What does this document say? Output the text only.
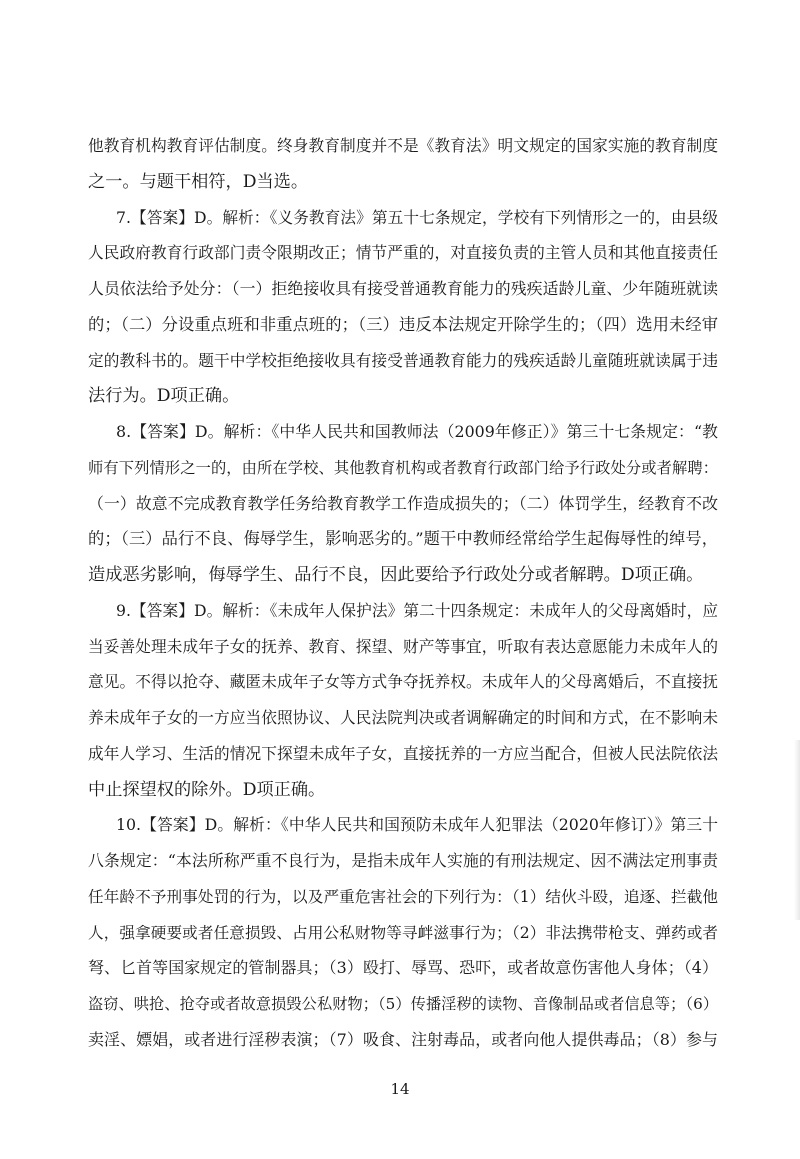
他教育机构教育评估制度。终身教育制度并不是《教育法》明文规定的国家实施的教育制度
之一。与题干相符，D当选。
7.【答案】D。解析：《义务教育法》第五十七条规定，学校有下列情形之一的，由县级
人民政府教育行政部门责令限期改正；情节严重的，对直接负责的主管人员和其他直接责任
人员依法给予处分：（一）拒绝接收具有接受普通教育能力的残疾适龄儿童、少年随班就读
的；（二）分设重点班和非重点班的；（三）违反本法规定开除学生的；（四）选用未经审
定的教科书的。题干中学校拒绝接收具有接受普通教育能力的残疾适龄儿童随班就读属于违
法行为。D项正确。
8.【答案】D。解析：《中华人民共和国教师法（2009年修正）》第三十七条规定：“教
师有下列情形之一的，由所在学校、其他教育机构或者教育行政部门给予行政处分或者解聘：
（一）故意不完成教育教学任务给教育教学工作造成损失的；（二）体罚学生，经教育不改
的；（三）品行不良、侮辱学生，影响恶劣的。”题干中教师经常给学生起侮辱性的绰号，
造成恶劣影响，侮辱学生、品行不良，因此要给予行政处分或者解聘。D项正确。
9.【答案】D。解析：《未成年人保护法》第二十四条规定：未成年人的父母离婚时，应
当妥善处理未成年子女的抚养、教育、探望、财产等事宜，听取有表达意愿能力未成年人的
意见。不得以抢夺、藏匿未成年子女等方式争夺抚养权。未成年人的父母离婚后，不直接抚
养未成年子女的一方应当依照协议、人民法院判决或者调解确定的时间和方式，在不影响未
成年人学习、生活的情况下探望未成年子女，直接抚养的一方应当配合，但被人民法院依法
中止探望权的除外。D项正确。
10.【答案】D。解析：《中华人民共和国预防未成年人犯罪法（2020年修订）》第三十
八条规定：“本法所称严重不良行为，是指未成年人实施的有刑法规定、因不满法定刑事责
任年龄不予刑事处罚的行为，以及严重危害社会的下列行为：（1）结伙斗殴，追逐、拦截他
人，强拿硬要或者任意损毁、占用公私财物等寻衅滋事行为；（2）非法携带枪支、弹药或者
弩、匕首等国家规定的管制器具；（3）殴打、辱骂、恐吓，或者故意伤害他人身体；（4）
盗窃、哄抢、抢夺或者故意损毁公私财物；（5）传播淫秽的读物、音像制品或者信息等；（6）
卖淫、嫖娼，或者进行淫秽表演；（7）吸食、注射毒品，或者向他人提供毒品；（8）参与
14
